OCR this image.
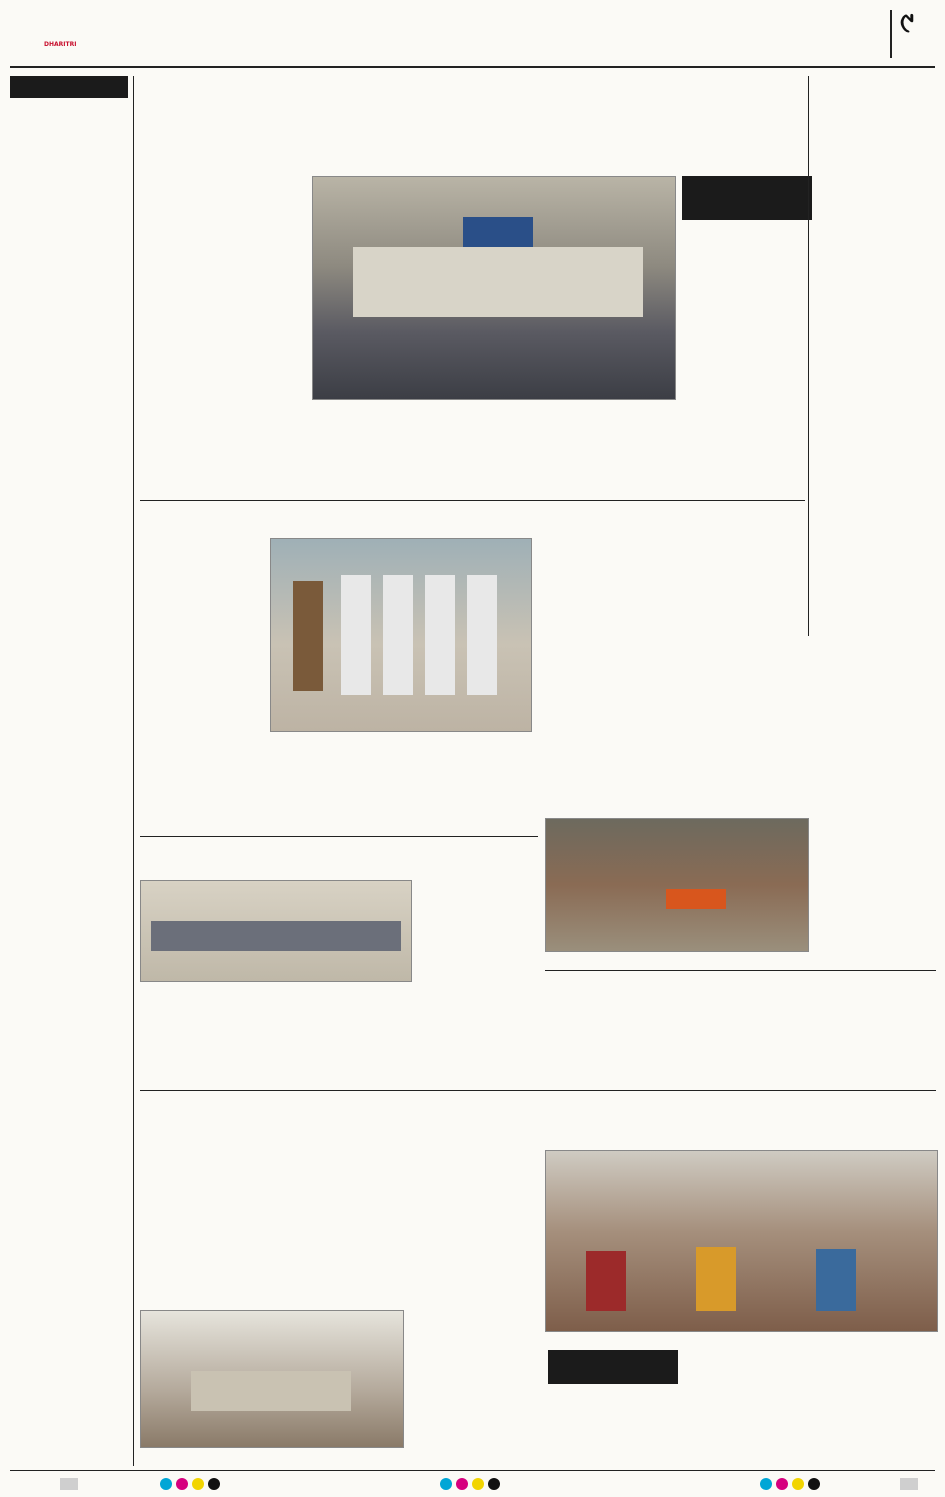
DHARITRI
୯
